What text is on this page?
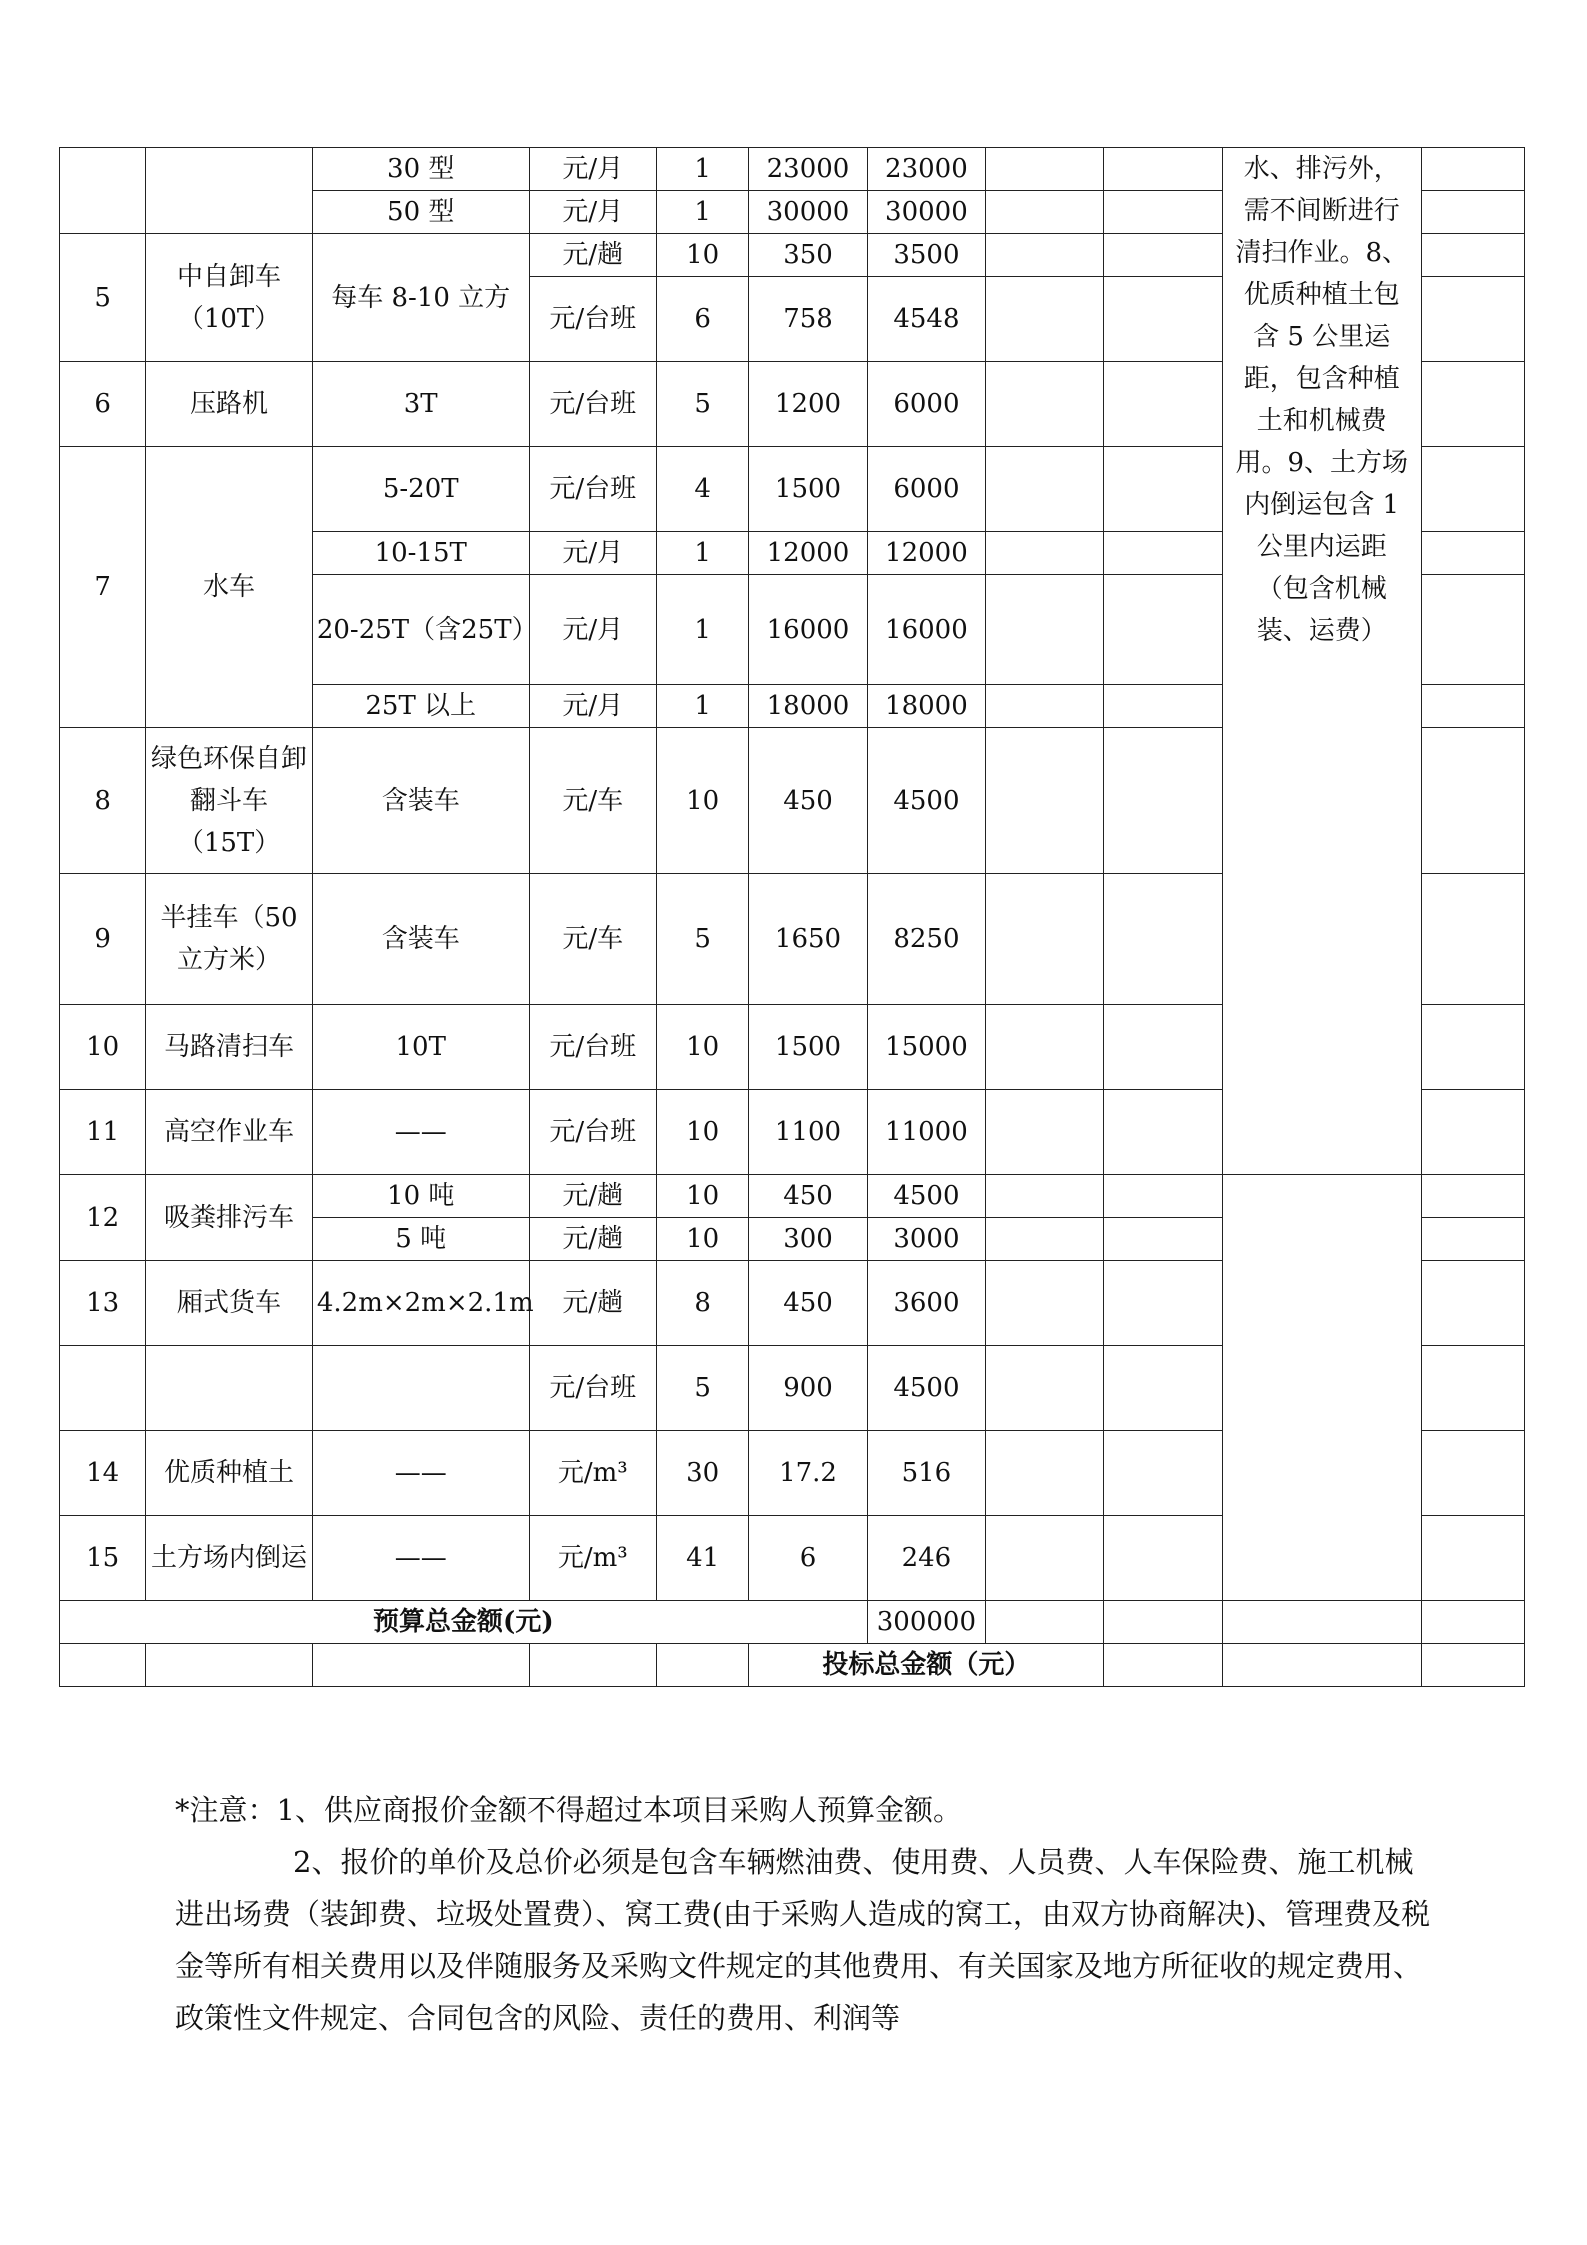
		30 型	元/月	1	23000	23000			水、排污外，需不间断进行清扫作业。8、优质种植土包含 5 公里运距，包含种植土和机械费用。9、土方场内倒运包含 1 公里内运距（包含机械装、运费）	
		50 型	元/月	1	30000	30000				
5	中自卸车（10T）	每车 8-10 立方	元/趟	10	350	3500				
			元/台班	6	758	4548				
6	压路机	3T	元/台班	5	1200	6000				
7	水车	5-20T	元/台班	4	1500	6000				
		10-15T	元/月	1	12000	12000				
		20-25T（含25T）	元/月	1	16000	16000				
		25T 以上	元/月	1	18000	18000				
8	绿色环保自卸翻斗车（15T）	含装车	元/车	10	450	4500				
9	半挂车（50 立方米）	含装车	元/车	5	1650	8250				
10	马路清扫车	10T	元/台班	10	1500	15000				
11	高空作业车	——	元/台班	10	1100	11000				
12	吸粪排污车	10 吨	元/趟	10	450	4500				
		5 吨	元/趟	10	300	3000				
13	厢式货车	4.2m×2m×2.1m	元/趟	8	450	3600				
			元/台班	5	900	4500				
14	优质种植土	——	元/m³	30	17.2	516				
15	土方场内倒运	——	元/m³	41	6	246				
预算总金额(元)						300000				
					投标总金额（元）					

*注意：1、供应商报价金额不得超过本项目采购人预算金额。

2、报价的单价及总价必须是包含车辆燃油费、使用费、人员费、人车保险费、施工机械进出场费（装卸费、垃圾处置费）、窝工费(由于采购人造成的窝工，由双方协商解决)、管理费及税金等所有相关费用以及伴随服务及采购文件规定的其他费用、有关国家及地方所征收的规定费用、政策性文件规定、合同包含的风险、责任的费用、利润等
